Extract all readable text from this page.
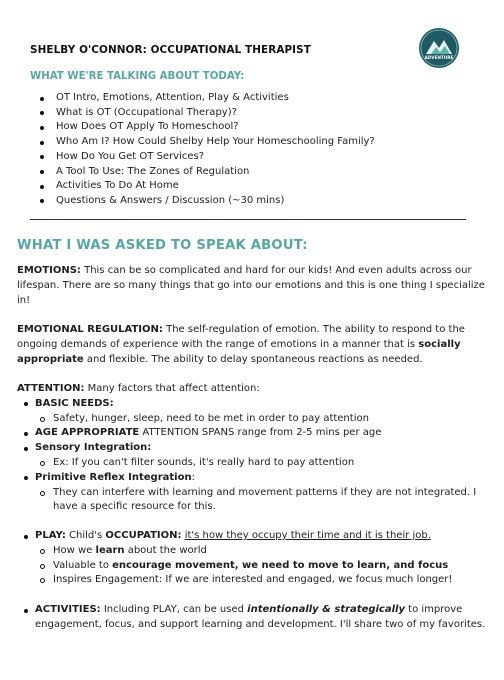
ADVENTURE
SHELBY O'CONNOR: OCCUPATIONAL THERAPIST
WHAT WE'RE TALKING ABOUT TODAY:
OT Intro, Emotions, Attention, Play & Activities
What is OT (Occupational Therapy)?
How Does OT Apply To Homeschool?
Who Am I? How Could Shelby Help Your Homeschooling Family?
How Do You Get OT Services?
A Tool To Use: The Zones of Regulation
Activities To Do At Home
Questions & Answers / Discussion (~30 mins)
WHAT I WAS ASKED TO SPEAK ABOUT:
EMOTIONS: This can be so complicated and hard for our kids! And even adults across our lifespan. There are so many things that go into our emotions and this is one thing I specialize in!
EMOTIONAL REGULATION: The self-regulation of emotion. The ability to respond to the ongoing demands of experience with the range of emotions in a manner that is socially appropriate and flexible. The ability to delay spontaneous reactions as needed.
ATTENTION: Many factors that affect attention:
BASIC NEEDS:
Safety, hunger, sleep, need to be met in order to pay attention
AGE APPROPRIATE ATTENTION SPANS range from 2-5 mins per age
Sensory Integration:
Ex: If you can't filter sounds, it's really hard to pay attention
Primitive Reflex Integration:
They can interfere with learning and movement patterns if they are not integrated. I have a specific resource for this.
PLAY: Child's OCCUPATION: it's how they occupy their time and it is their job.
How we learn about the world
Valuable to encourage movement, we need to move to learn, and focus
Inspires Engagement: If we are interested and engaged, we focus much longer!
ACTIVITIES: Including PLAY, can be used intentionally & strategically to improve engagement, focus, and support learning and development. I'll share two of my favorites.
